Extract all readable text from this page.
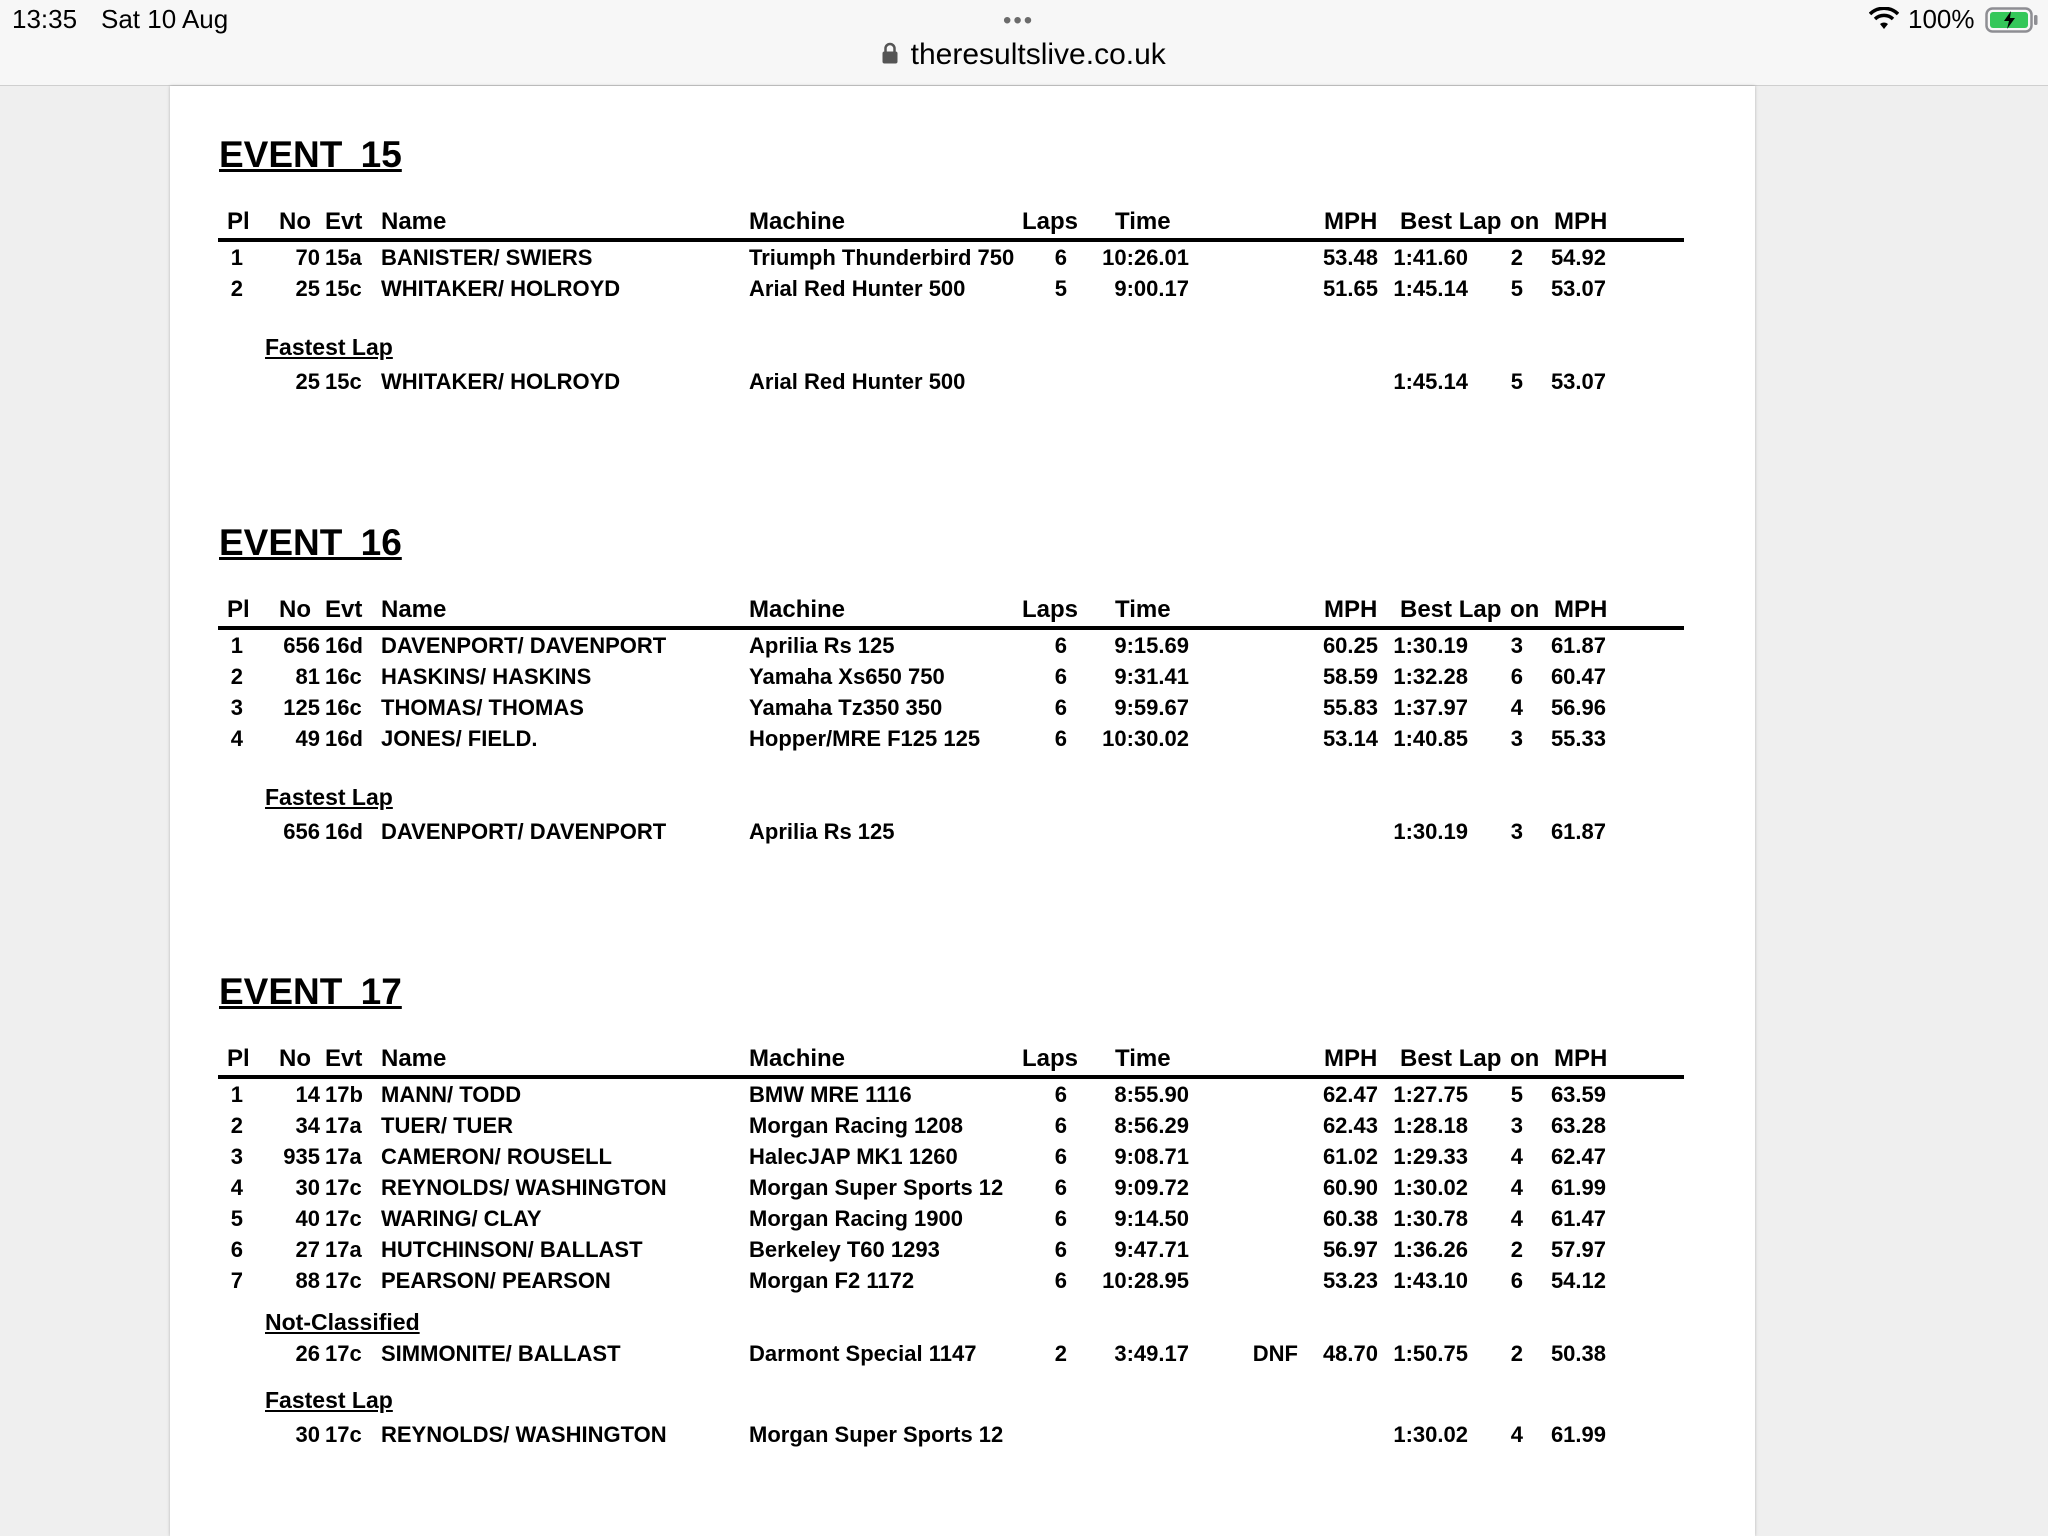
13:35 Sat 10 Aug	•••	100%
theresultslive.co.uk
EVENT 15
Pl No Evt Name	Machine	Laps Time	MPH Best Lap on MPH
1	70 15a BANISTER/ SWIERS	Triumph Thunderbird 750	6	10:26.01	53.48 1:41.60	2	54.92
2	25 15c WHITAKER/ HOLROYD	Arial Red Hunter 500	5	9:00.17	51.65 1:45.14	5	53.07
Fastest Lap
25 15c WHITAKER/ HOLROYD	Arial Red Hunter 500	1:45.14	5	53.07
EVENT 16
Pl No Evt Name	Machine	Laps Time	MPH Best Lap on MPH
1	656 16d DAVENPORT/ DAVENPORT	Aprilia Rs 125	6	9:15.69	60.25 1:30.19	3	61.87
2	81 16c HASKINS/ HASKINS	Yamaha Xs650 750	6	9:31.41	58.59 1:32.28	6	60.47
3	125 16c THOMAS/ THOMAS	Yamaha Tz350 350	6	9:59.67	55.83 1:37.97	4	56.96
4	49 16d JONES/ FIELD.	Hopper/MRE F125 125	6	10:30.02	53.14 1:40.85	3	55.33
Fastest Lap
656 16d DAVENPORT/ DAVENPORT	Aprilia Rs 125	1:30.19	3	61.87
EVENT 17
Pl No Evt Name	Machine	Laps Time	MPH Best Lap on MPH
1	14 17b MANN/ TODD	BMW MRE 1116	6	8:55.90	62.47 1:27.75	5	63.59
2	34 17a TUER/ TUER	Morgan Racing 1208	6	8:56.29	62.43 1:28.18	3	63.28
3	935 17a CAMERON/ ROUSELL	HalecJAP MK1 1260	6	9:08.71	61.02 1:29.33	4	62.47
4	30 17c REYNOLDS/ WASHINGTON	Morgan Super Sports 12	6	9:09.72	60.90 1:30.02	4	61.99
5	40 17c WARING/ CLAY	Morgan Racing 1900	6	9:14.50	60.38 1:30.78	4	61.47
6	27 17a HUTCHINSON/ BALLAST	Berkeley T60 1293	6	9:47.71	56.97 1:36.26	2	57.97
7	88 17c PEARSON/ PEARSON	Morgan F2 1172	6	10:28.95	53.23 1:43.10	6	54.12
Not-Classified
26 17c SIMMONITE/ BALLAST	Darmont Special 1147	2	3:49.17	DNF	48.70 1:50.75	2	50.38
Fastest Lap
30 17c REYNOLDS/ WASHINGTON	Morgan Super Sports 12	1:30.02	4	61.99
